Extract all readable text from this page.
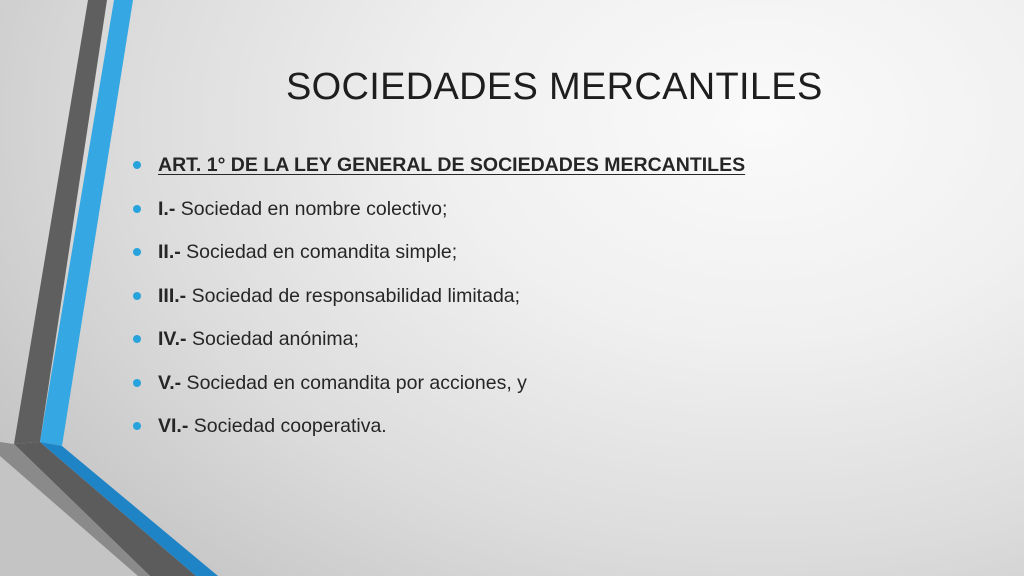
SOCIEDADES MERCANTILES
ART. 1° DE LA LEY GENERAL DE SOCIEDADES MERCANTILES
I.- Sociedad en nombre colectivo;
II.- Sociedad en comandita simple;
III.- Sociedad de responsabilidad limitada;
IV.- Sociedad anónima;
V.- Sociedad en comandita por acciones, y
VI.- Sociedad cooperativa.
